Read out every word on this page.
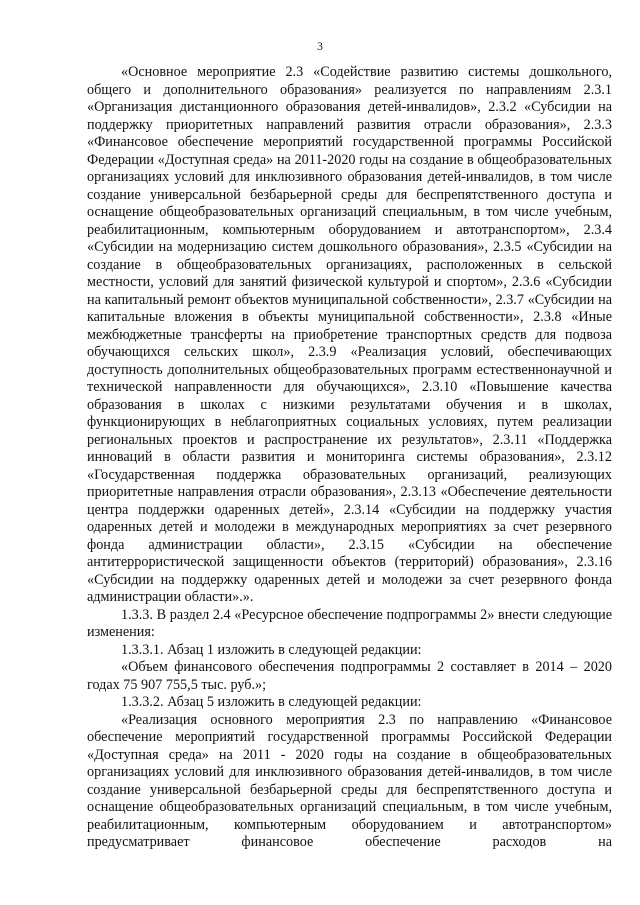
3

«Основное мероприятие 2.3 «Содействие развитию системы дошкольного, общего и дополнительного образования» реализуется по направлениям 2.3.1 «Организация дистанционного образования детей-инвалидов», 2.3.2 «Субсидии на поддержку приоритетных направлений развития отрасли образования», 2.3.3 «Финансовое обеспечение мероприятий государственной программы Российской Федерации «Доступная среда» на 2011-2020 годы на создание в общеобразовательных организациях условий для инклюзивного образования детей-инвалидов, в том числе создание универсальной безбарьерной среды для беспрепятственного доступа и оснащение общеобразовательных организаций специальным, в том числе учебным, реабилитационным, компьютерным оборудованием и автотранспортом», 2.3.4 «Субсидии на модернизацию систем дошкольного образования», 2.3.5 «Субсидии на создание в общеобразовательных организациях, расположенных в сельской местности, условий для занятий физической культурой и спортом», 2.3.6 «Субсидии на капитальный ремонт объектов муниципальной собственности», 2.3.7 «Субсидии на капитальные вложения в объекты муниципальной собственности», 2.3.8 «Иные межбюджетные трансферты на приобретение транспортных средств для подвоза обучающихся сельских школ», 2.3.9 «Реализация условий, обеспечивающих доступность дополнительных общеобразовательных программ естественнонаучной и технической направленности для обучающихся», 2.3.10 «Повышение качества образования в школах с низкими результатами обучения и в школах, функционирующих в неблагоприятных социальных условиях, путем реализации региональных проектов и распространение их результатов», 2.3.11 «Поддержка инноваций в области развития и мониторинга системы образования», 2.3.12 «Государственная поддержка образовательных организаций, реализующих приоритетные направления отрасли образования», 2.3.13 «Обеспечение деятельности центра поддержки одаренных детей», 2.3.14 «Субсидии на поддержку участия одаренных детей и молодежи в международных мероприятиях за счет резервного фонда администрации области», 2.3.15 «Субсидии на обеспечение антитеррористической защищенности объектов (территорий) образования», 2.3.16 «Субсидии на поддержку одаренных детей и молодежи за счет резервного фонда администрации области».».

1.3.3. В раздел 2.4 «Ресурсное обеспечение подпрограммы 2» внести следующие изменения:

1.3.3.1. Абзац 1 изложить в следующей редакции:

«Объем финансового обеспечения подпрограммы 2 составляет в 2014 – 2020 годах 75 907 755,5 тыс. руб.»;

1.3.3.2. Абзац 5 изложить в следующей редакции:

«Реализация основного мероприятия 2.3 по направлению «Финансовое обеспечение мероприятий государственной программы Российской Федерации «Доступная среда» на 2011 - 2020 годы на создание в общеобразовательных организациях условий для инклюзивного образования детей-инвалидов, в том числе создание универсальной безбарьерной среды для беспрепятственного доступа и оснащение общеобразовательных организаций специальным, в том числе учебным, реабилитационным, компьютерным оборудованием и автотранспортом» предусматривает финансовое обеспечение расходов на
